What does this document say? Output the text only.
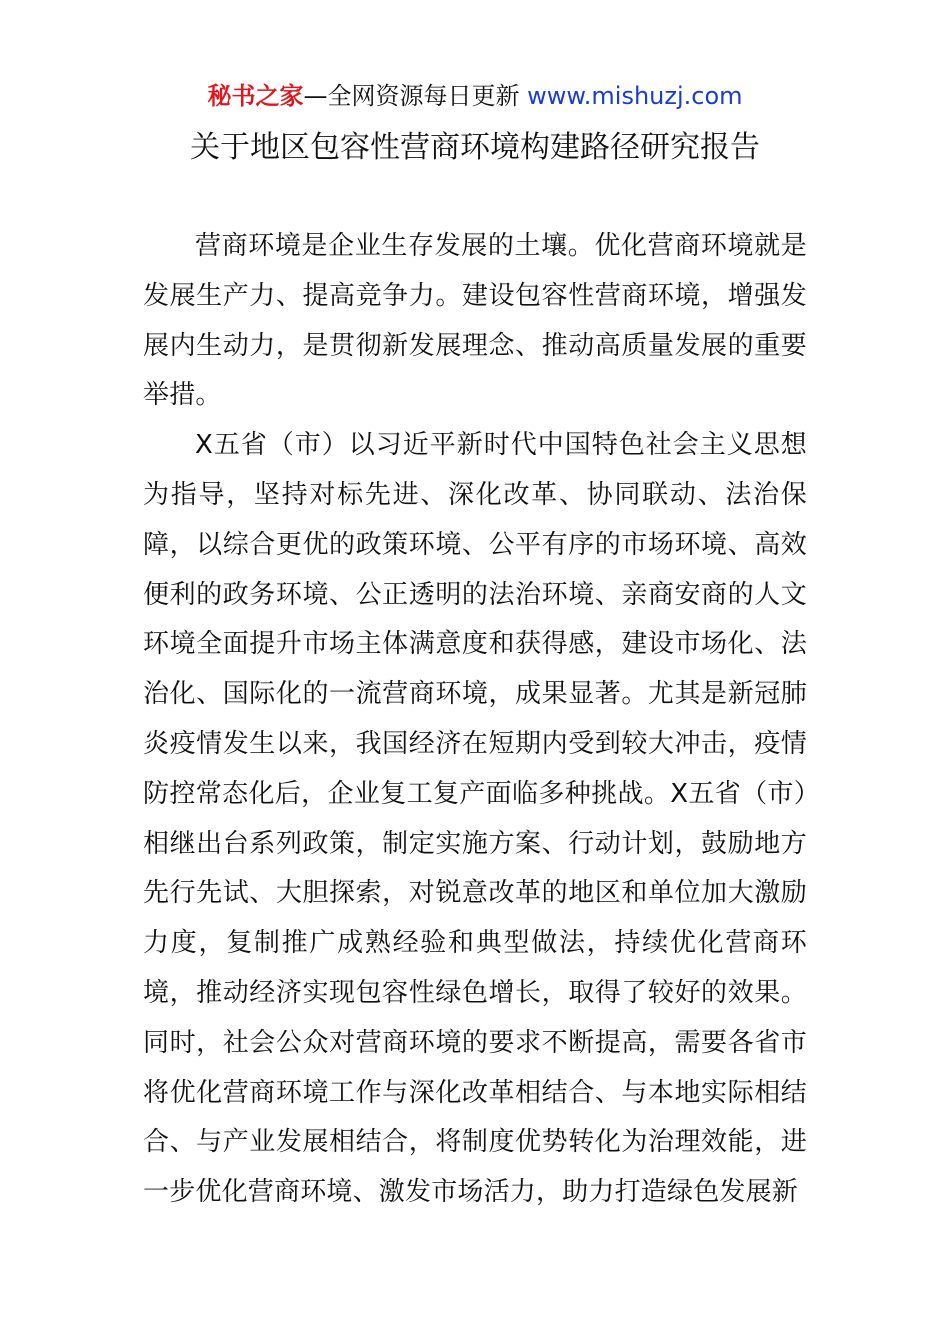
秘书之家—全网资源每日更新 www.mishuzj.com
关于地区包容性营商环境构建路径研究报告

营商环境是企业生存发展的土壤。优化营商环境就是发展生产力、提高竞争力。建设包容性营商环境，增强发展内生动力，是贯彻新发展理念、推动高质量发展的重要举措。

X五省（市）以习近平新时代中国特色社会主义思想为指导，坚持对标先进、深化改革、协同联动、法治保障，以综合更优的政策环境、公平有序的市场环境、高效便利的政务环境、公正透明的法治环境、亲商安商的人文环境全面提升市场主体满意度和获得感，建设市场化、法治化、国际化的一流营商环境，成果显著。尤其是新冠肺炎疫情发生以来，我国经济在短期内受到较大冲击，疫情防控常态化后，企业复工复产面临多种挑战。X五省（市）相继出台系列政策，制定实施方案、行动计划，鼓励地方先行先试、大胆探索，对锐意改革的地区和单位加大激励力度，复制推广成熟经验和典型做法，持续优化营商环境，推动经济实现包容性绿色增长，取得了较好的效果。同时，社会公众对营商环境的要求不断提高，需要各省市将优化营商环境工作与深化改革相结合、与本地实际相结合、与产业发展相结合，将制度优势转化为治理效能，进一步优化营商环境、激发市场活力，助力打造绿色发展新
